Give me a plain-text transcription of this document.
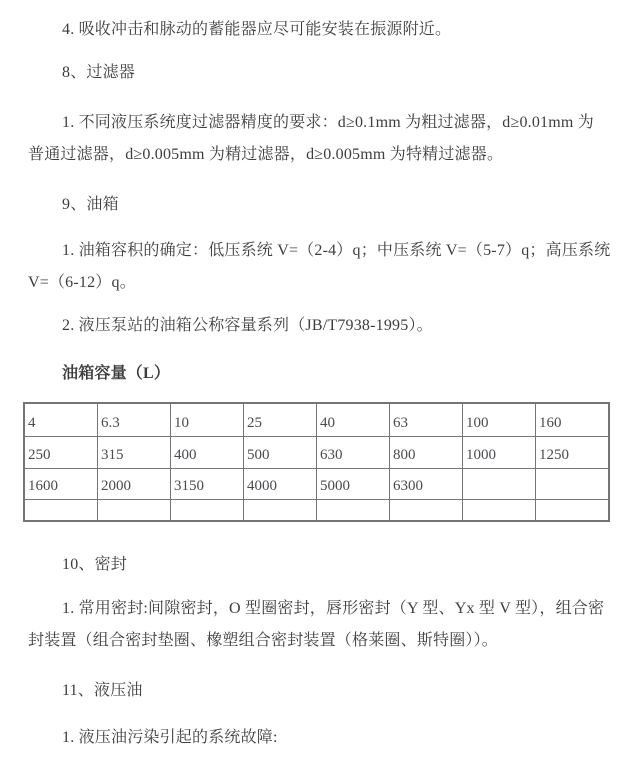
4. 吸收冲击和脉动的蓄能器应尽可能安装在振源附近。
8、过滤器
1. 不同液压系统度过滤器精度的要求：d≥0.1mm 为粗过滤器，d≥0.01mm 为
普通过滤器，d≥0.005mm 为精过滤器，d≥0.005mm 为特精过滤器。
9、油箱
1. 油箱容积的确定：低压系统 V=（2-4）q；中压系统 V=（5-7）q；高压系统
V=（6-12）q。
2. 液压泵站的油箱公称容量系列（JB/T7938-1995）。
油箱容量（L）
4	6.3	10	25	40	63	100	160
250	315	400	500	630	800	1000	1250
1600	2000	3150	4000	5000	6300		

10、密封
1. 常用密封:间隙密封，O 型圈密封，唇形密封（Y 型、Yx 型 V 型），组合密
封装置（组合密封垫圈、橡塑组合密封装置（格莱圈、斯特圈））。
11、液压油
1. 液压油污染引起的系统故障:
